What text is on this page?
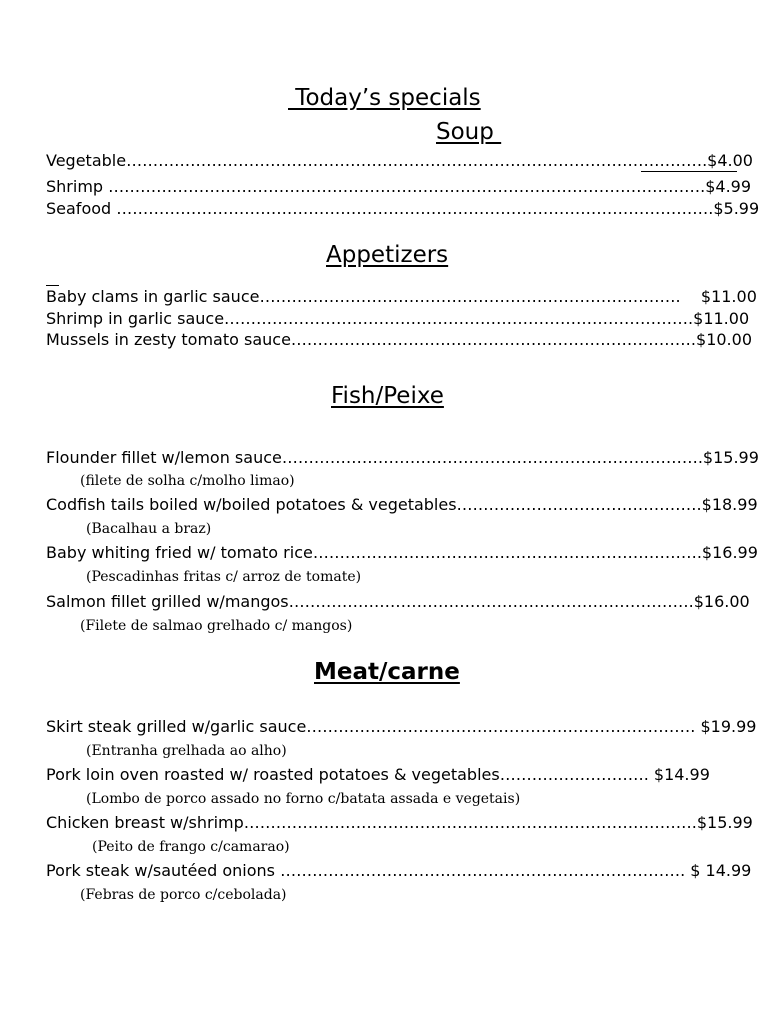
Today’s specials
Soup
Vegetable……………………………………………………………………………………………….$4.00
Shrimp ………………………………………………………………………………………………….$4.99
Seafood ………………………………………………………………………………………………….$5.99
Appetizers
Baby clams in garlic sauce…………………………………………………………………….    $11.00
Shrimp in garlic sauce…………………………………………………………………………….$11.00
Mussels in zesty tomato sauce………………………………………………………………….$10.00
Fish/Peixe
Flounder fillet w/lemon sauce…………………………………………………………………….$15.99
(filete de solha c/molho limao)
Codfish tails boiled w/boiled potatoes & vegetables……………………………………….$18.99
(Bacalhau a braz)
Baby whiting fried w/ tomato rice……………………………………………………………….$16.99
(Pescadinhas fritas c/ arroz de tomate)
Salmon fillet grilled w/mangos………………………………………………………………….$16.00
(Filete de salmao grelhado c/ mangos)
Meat/carne
Skirt steak grilled w/garlic sauce………………………………………………………………. $19.99
(Entranha grelhada ao alho)
Pork loin oven roasted w/ roasted potatoes & vegetables………………………. $14.99
(Lombo de porco assado no forno c/batata assada e vegetais)
Chicken breast w/shrimp………………………………………………………………………….$15.99
(Peito de frango c/camarao)
Pork steak w/sautéed onions …………………………………………………………………. $ 14.99
(Febras de porco c/cebolada)
